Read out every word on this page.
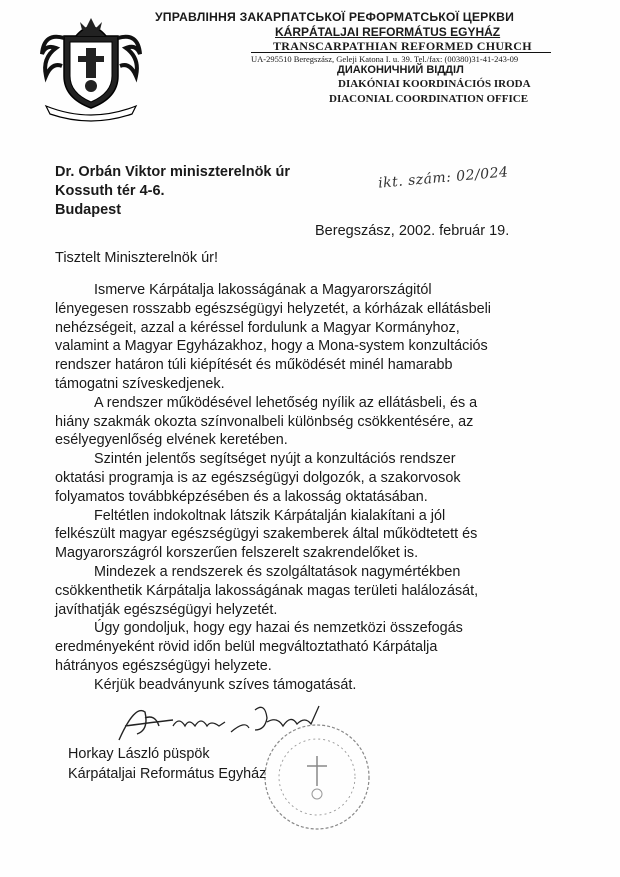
УПРАВЛІННЯ ЗАКАРПАТСЬКОЇ РЕФОРМАТСЬКОЇ ЦЕРКВИ
KÁRPÁTALJAI REFORMÁTUS EGYHÁZ
TRANSCARPATHIAN REFORMED CHURCH
UA-295510 Beregszász, Geleji Katona I. u. 39. Tel./fax: (00380)31-41-243-09
ДИАКОНИЧНИЙ ВІДДІЛ
DIAKÓNIAI KOORDINÁCIÓS IRODA
DIACONIAL COORDINATION OFFICE
Dr. Orbán Viktor miniszterelnök úr
Kossuth tér 4-6.
Budapest
ikt. szám: 02/024
Beregszász, 2002. február 19.
Tisztelt Miniszterelnök úr!
Ismerve Kárpátalja lakosságának a Magyarországitól
lényegesen rosszabb egészségügyi helyzetét, a kórházak ellátásbeli
nehézségeit, azzal a kéréssel fordulunk a Magyar Kormányhoz,
valamint a Magyar Egyházakhoz, hogy a Mona-system konzultációs
rendszer határon túli kiépítését és működését minél hamarabb
támogatni szíveskedjenek.
A rendszer működésével lehetőség nyílik az ellátásbeli, és a
hiány szakmák okozta színvonalbeli különbség csökkentésére, az
esélyegyenlőség elvének keretében.
Szintén jelentős segítséget nyújt a konzultációs rendszer
oktatási programja is az egészségügyi dolgozók, a szakorvosok
folyamatos továbbképzésében és a lakosság oktatásában.
Feltétlen indokoltnak látszik Kárpátalján kialakítani a jól
felkészült magyar egészségügyi szakemberek által működtetett és
Magyarországról korszerűen felszerelt szakrendelőket is.
Mindezek a rendszerek és szolgáltatások nagymértékben
csökkenthetik Kárpátalja lakosságának magas területi halálozását,
javíthatják egészségügyi helyzetét.
Úgy gondoljuk, hogy egy hazai és nemzetközi összefogás
eredményeként rövid időn belül megváltoztatható Kárpátalja
hátrányos egészségügyi helyzete.
Kérjük beadványunk szíves támogatását.
Horkay László püspök
Kárpátaljai Református Egyház
